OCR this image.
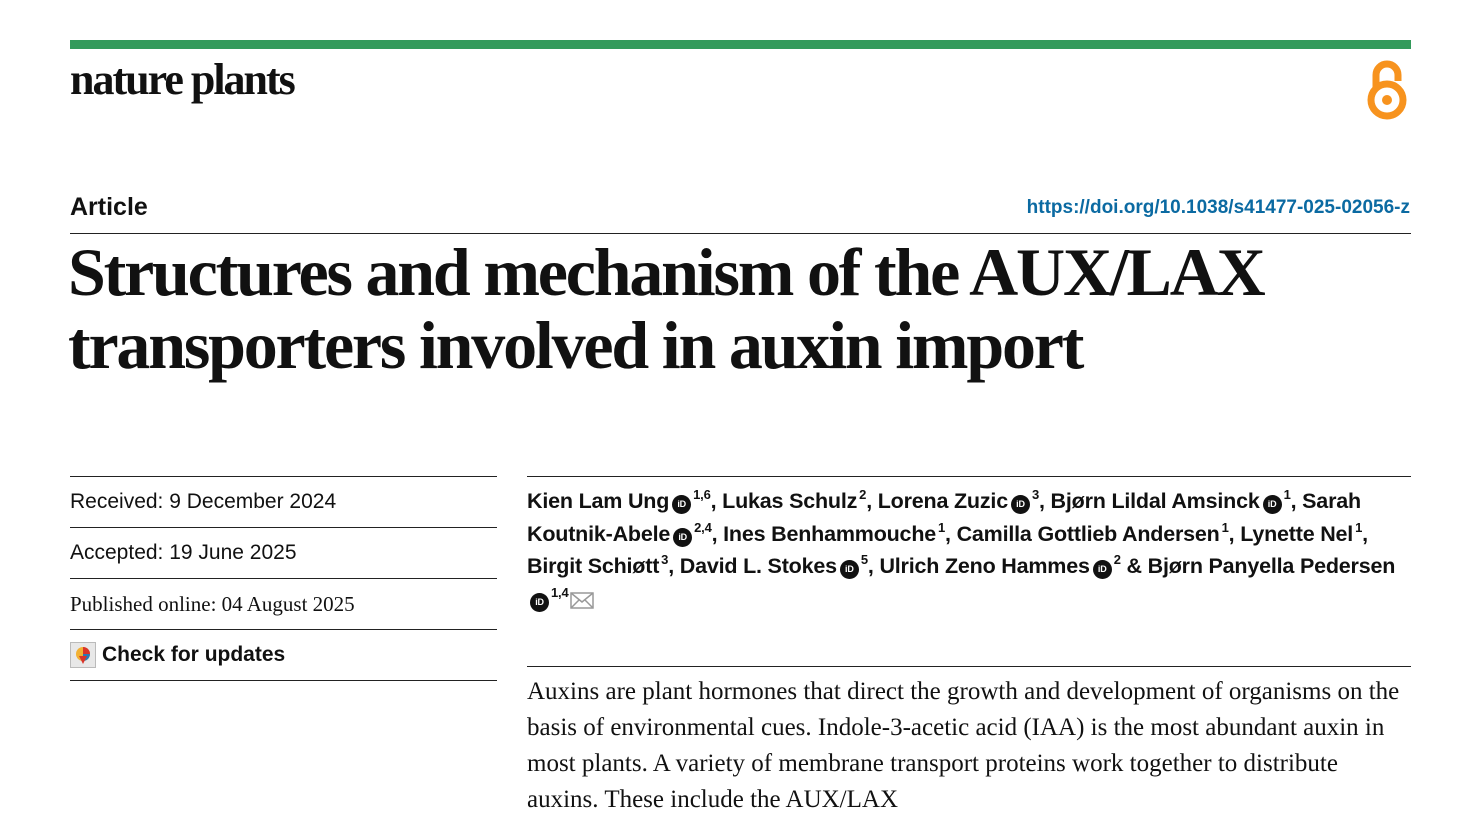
nature plants
Article	https://doi.org/10.1038/s41477-025-02056-z
Structures and mechanism of the AUX/LAX transporters involved in auxin import
Received: 9 December 2024
Accepted: 19 June 2025
Published online: 04 August 2025
Check for updates
Kien Lam Ung iD$^{1,6}$, Lukas Schulz $^2$, Lorena Zuzic $iD^3$, Bjørn Lildal Amsinck $iD^1$, Sarah Koutnik-Abele iD$^{2,4}$, Ines Benhammouche $^1$, Camilla Gottlieb Andersen $^1$, Lynette Nel $^1$, Birgit Schiøtt $^3$, David L. Stokes $iD^5$, Ulrich Zeno Hammes $iD^2$ & Bjørn Panyella PederseniD$^{1,4}$

Auxins are plant hormones that direct the growth and development of organisms on the basis of environmental cues. Indole-3-acetic acid (IAA) is the most abundant auxin in most plants. A variety of membrane transport proteins work together to distribute auxins. These include the AUX/LAX
